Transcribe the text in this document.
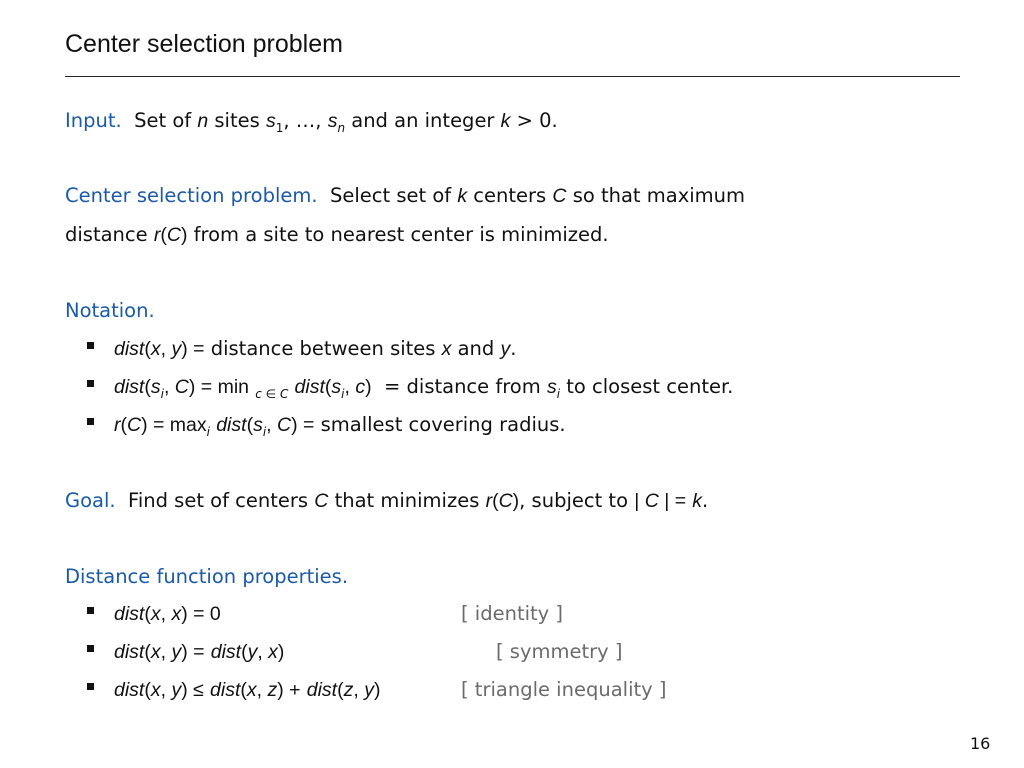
Center selection problem
Input. Set of n sites $s_1$, …, $s_n$ and an integer k > 0.
Center selection problem. Select set of k centers C so that maximum
distance r(C) from a site to nearest center is minimized.
Notation.
dist(x, y) = distance between sites x and y.
$dist(s_i$, C) = min $_c$ $_\in$ $_C$ $dist(s_i$, c) = distance from $s_i$ to closest center.
$r(C) = \max_i$ $dist(s_i$, C) = smallest covering radius.
Goal. Find set of centers C that minimizes r(C), subject to | C | = k.
Distance function properties.
dist(x, x) = 0	[ identity ]
dist(x, y) = dist(y, x)	[ symmetry ]
dist(x, y) ≤ dist(x, z) + dist(z, y)	[ triangle inequality ]
16
